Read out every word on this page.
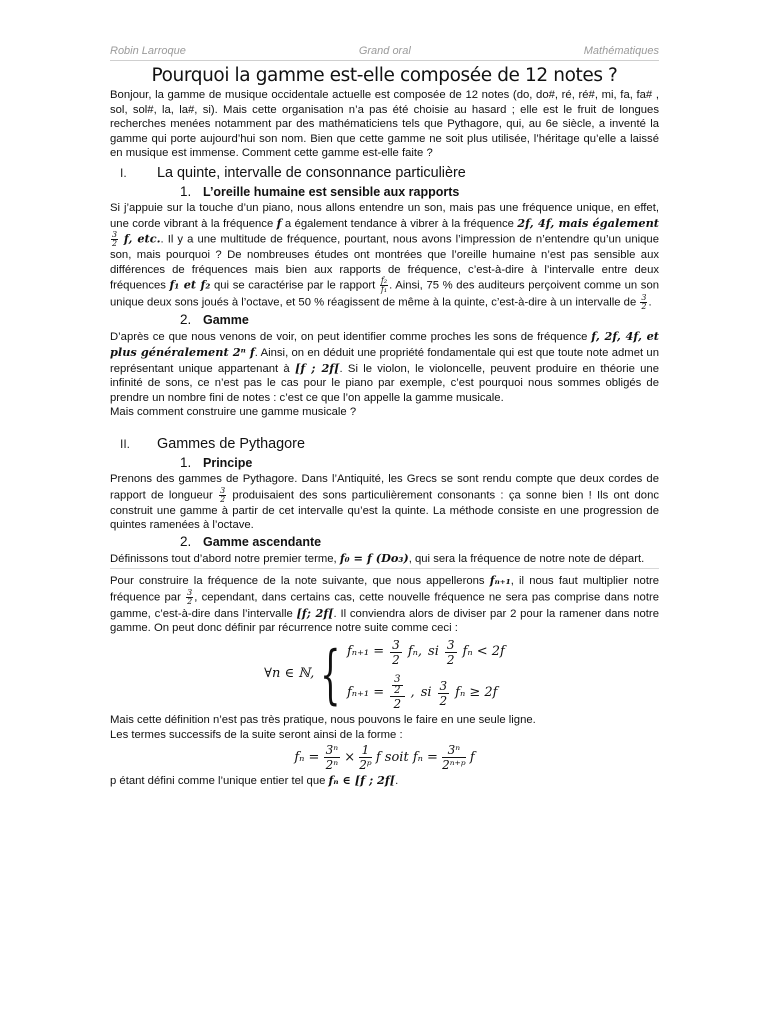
Robin Larroque	Grand oral	Mathématiques
Pourquoi la gamme est-elle composée de 12 notes ?

Bonjour, la gamme de musique occidentale actuelle est composée de 12 notes (do, do#, ré, ré#, mi, fa, fa# , sol, sol#, la, la#, si). Mais cette organisation n’a pas été choisie au hasard ; elle est le fruit de longues recherches menées notamment par des mathématiciens tels que Pythagore, qui, au 6e siècle, a inventé la gamme qui porte aujourd’hui son nom. Bien que cette gamme ne soit plus utilisée, l’héritage qu’elle a laissé en musique est immense. Comment cette gamme est-elle faite ?

I.	La quinte, intervalle de consonnance particulière
1. L’oreille humaine est sensible aux rapports

Si j’appuie sur la touche d’un piano, nous allons entendre un son, mais pas une fréquence unique, en effet, une corde vibrant à la fréquence f a également tendance à vibrer à la fréquence 2f, 4f, mais également
$\frac{3}{2} f$, etc.. Il y a une multitude de fréquence, pourtant, nous avons l’impression de n’entendre qu’un unique son, mais pourquoi ? De nombreuses études ont montrées que l’oreille humaine n’est pas sensible aux différences de fréquences mais bien aux rapports de fréquence, c’est-à-dire à l’intervalle entre deux fréquences f₁ et f₂ qui se caractérise par le rapport $\frac{\text{f₂}}{\text{f₁}}$ . Ainsi, 75 % des auditeurs perçoivent comme un son unique deux sons joués à l’octave, et 50 % réagissent de même à la quinte, c’est-à-dire à un intervalle de $\frac{3}{2}$ .

2. Gamme

D’après ce que nous venons de voir, on peut identifier comme proches les sons de fréquence f, 2f, 4f, et plus généralement 2ⁿ f. Ainsi, on en déduit une propriété fondamentale qui est que toute note admet un représentant unique appartenant à [f ; 2f[. Si le violon, le violoncelle, peuvent produire en théorie une infinité de sons, ce n’est pas le cas pour le piano par exemple, c’est pourquoi nous sommes obligés de prendre un nombre fini de notes : c’est ce que l’on appelle la gamme musicale.

Mais comment construire une gamme musicale ?

II.	Gammes de Pythagore
1. Principe

Prenons des gammes de Pythagore. Dans l’Antiquité, les Grecs se sont rendu compte que deux cordes de rapport de longueur $\frac{3}{2}$ produisaient des sons particulièrement consonants : ça sonne bien ! Ils ont donc construit une gamme à partir de cet intervalle qu’est la quinte. La méthode consiste en une progression de quintes ramenées à l’octave.

2. Gamme ascendante

Définissons tout d’abord notre premier terme, f₀ = f (Do₃), qui sera la fréquence de notre note de départ.

Pour construire la fréquence de la note suivante, que nous appellerons fₙ₊₁, il nous faut multiplier notre fréquence par $\frac{3}{2}$ , cependant, dans certains cas, cette nouvelle fréquence ne sera pas comprise dans notre gamme, c’est-à-dire dans l’intervalle [f; 2f[. Il conviendra alors de diviser par 2 pour la ramener dans notre gamme. On peut donc définir par récurrence notre suite comme ceci :

∀n ∈ ℕ, { $f_{n+1} = \frac{3}{2} f_n$, si 3
2
fₙ < 2f
$f_{n+1} = \frac{\frac{3}{2}}{2}$ , si 3
2
fₙ ≥ 2f

Mais cette définition n’est pas très pratique, nous pouvons le faire en une seule ligne.

Les termes successifs de la suite seront ainsi de la forme :

$f_n = \frac{\text{3ⁿ}}{\text{2ⁿ}} \times \frac{1}{\text{2ᵖ}}$ f soit $f_n = \frac{\text{3ⁿ}}{\text{2ⁿ⁺ᵖ}}$ f

p étant défini comme l’unique entier tel que fₙ ∈ [f ; 2f[.
